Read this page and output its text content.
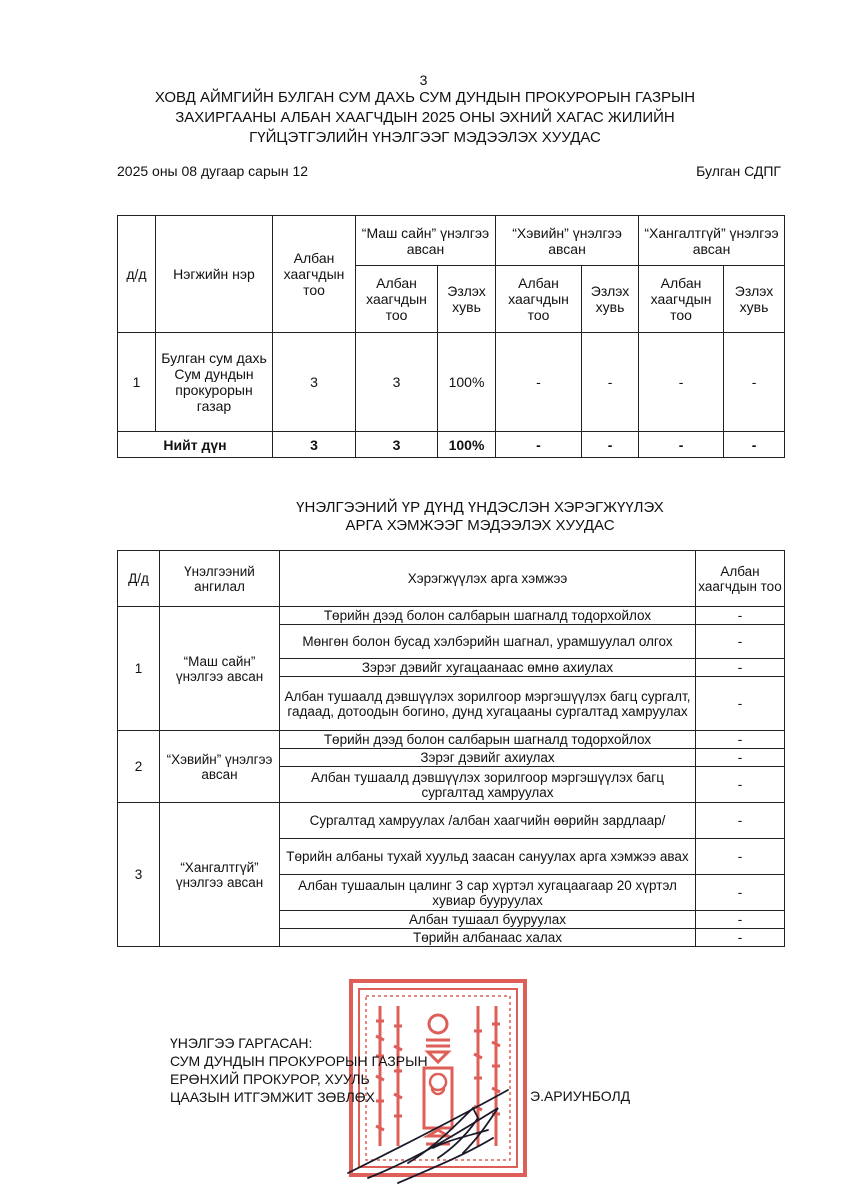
3
ХОВД АЙМГИЙН БУЛГАН СУМ ДАХЬ СУМ ДУНДЫН ПРОКУРОРЫН ГАЗРЫН
ЗАХИРГААНЫ АЛБАН ХААГЧДЫН 2025 ОНЫ ЭХНИЙ ХАГАС ЖИЛИЙН
ГҮЙЦЭТГЭЛИЙН ҮНЭЛГЭЭГ МЭДЭЭЛЭХ ХУУДАС
2025 оны 08 дугаар сарын 12	Булган СДПГ
д/д	Нэгжийн нэр	Албан хаагчдын тоо	“Маш сайн” үнэлгээ авсан		“Хэвийн” үнэлгээ авсан		“Хангалтгүй” үнэлгээ авсан	
			Албан хаагчдын тоо	Эзлэх хувь	Албан хаагчдын тоо	Эзлэх хувь	Албан хаагчдын тоо	Эзлэх хувь
1	Булган сум дахь Сум дундын прокурорын газар	3	3	100%	-	-	-	-
Нийт дүн		3	3	100%	-	-	-	-
ҮНЭЛГЭЭНИЙ ҮР ДҮНД ҮНДЭСЛЭН ХЭРЭГЖҮҮЛЭХ
АРГА ХЭМЖЭЭГ МЭДЭЭЛЭХ ХУУДАС
Д/д	Үнэлгээний ангилал	Хэрэгжүүлэх арга хэмжээ	Албан хаагчдын тоо
1	“Маш сайн” үнэлгээ авсан	Төрийн дээд болон салбарын шагналд тодорхойлох	-
		Мөнгөн болон бусад хэлбэрийн шагнал, урамшуулал олгох	-
		Зэрэг дэвийг хугацаанаас өмнө ахиулах	-
		Албан тушаалд дэвшүүлэх зорилгоор мэргэшүүлэх багц сургалт, гадаад, дотоодын богино, дунд хугацааны сургалтад хамруулах	-
2	“Хэвийн” үнэлгээ авсан	Төрийн дээд болон салбарын шагналд тодорхойлох	-
		Зэрэг дэвийг ахиулах	-
		Албан тушаалд дэвшүүлэх зорилгоор мэргэшүүлэх багц сургалтад хамруулах	-
3	“Хангалтгүй” үнэлгээ авсан	Сургалтад хамруулах /албан хаагчийн өөрийн зардлаар/	-
		Төрийн албаны тухай хуульд заасан сануулах арга хэмжээ авах	-
		Албан тушаалын цалинг 3 сар хүртэл хугацаагаар 20 хүртэл хувиар бууруулах	-
		Албан тушаал бууруулах	-
		Төрийн албанаас халах	-
ҮНЭЛГЭЭ ГАРГАСАН:
СУМ ДУНДЫН ПРОКУРОРЫН ГАЗРЫН
ЕРӨНХИЙ ПРОКУРОР, ХУУЛЬ
ЦААЗЫН ИТГЭМЖИТ ЗӨВЛӨХ	Э.АРИУНБОЛД
